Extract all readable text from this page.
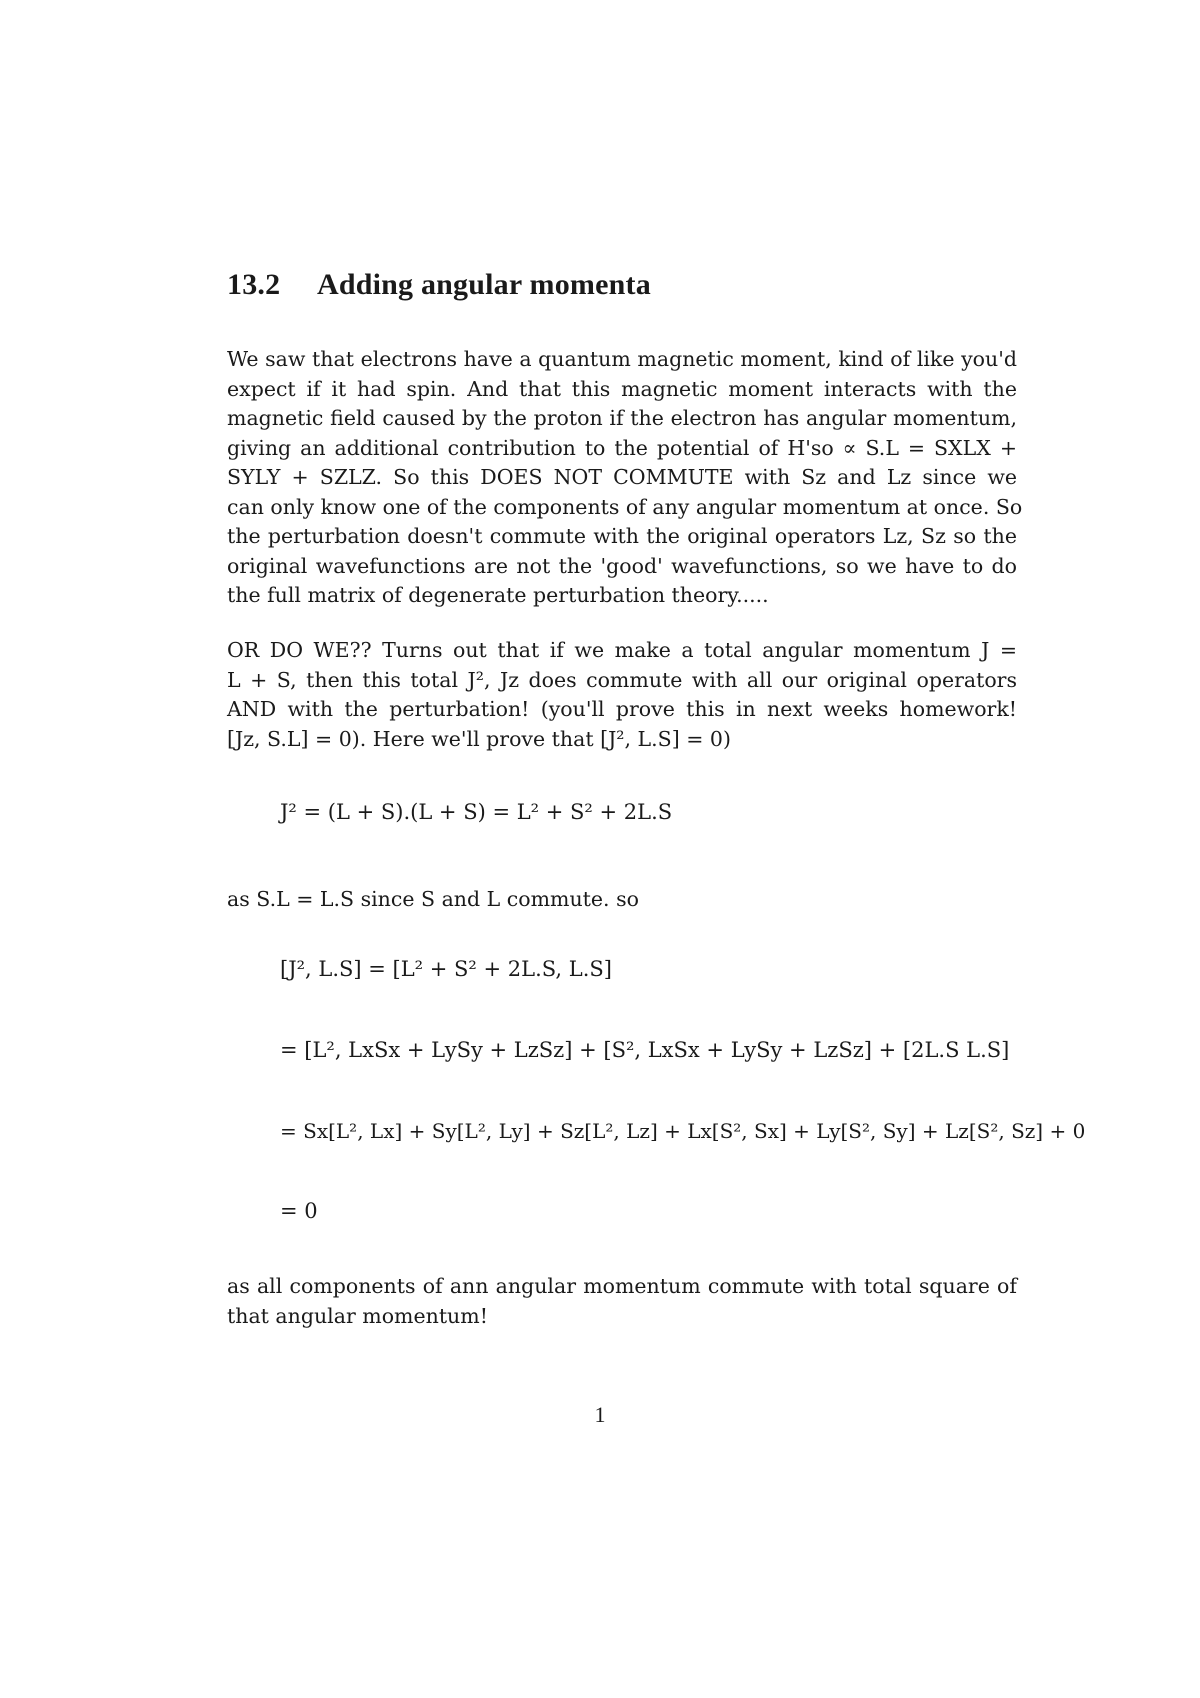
13.2 Adding angular momenta
We saw that electrons have a quantum magnetic moment, kind of like you'd
expect if it had spin. And that this magnetic moment interacts with the
magnetic field caused by the proton if the electron has angular momentum,
giving an additional contribution to the potential of H'so ∝ S.L = SXLX +
SYLY + SZLZ. So this DOES NOT COMMUTE with Sz and Lz since we
can only know one of the components of any angular momentum at once. So
the perturbation doesn't commute with the original operators Lz, Sz so the
original wavefunctions are not the 'good' wavefunctions, so we have to do
the full matrix of degenerate perturbation theory.....
OR DO WE?? Turns out that if we make a total angular momentum J =
L + S, then this total J², Jz does commute with all our original operators
AND with the perturbation! (you'll prove this in next weeks homework!
[Jz, S.L] = 0). Here we'll prove that [J², L.S] = 0)
J² = (L + S).(L + S) = L² + S² + 2L.S
as S.L = L.S since S and L commute. so
[J², L.S] = [L² + S² + 2L.S, L.S]
= [L², LxSx + LySy + LzSz] + [S², LxSx + LySy + LzSz] + [2L.S L.S]
= Sx[L², Lx] + Sy[L², Ly] + Sz[L², Lz] + Lx[S², Sx] + Ly[S², Sy] + Lz[S², Sz] + 0
= 0
as all components of ann angular momentum commute with total square of
that angular momentum!
1
